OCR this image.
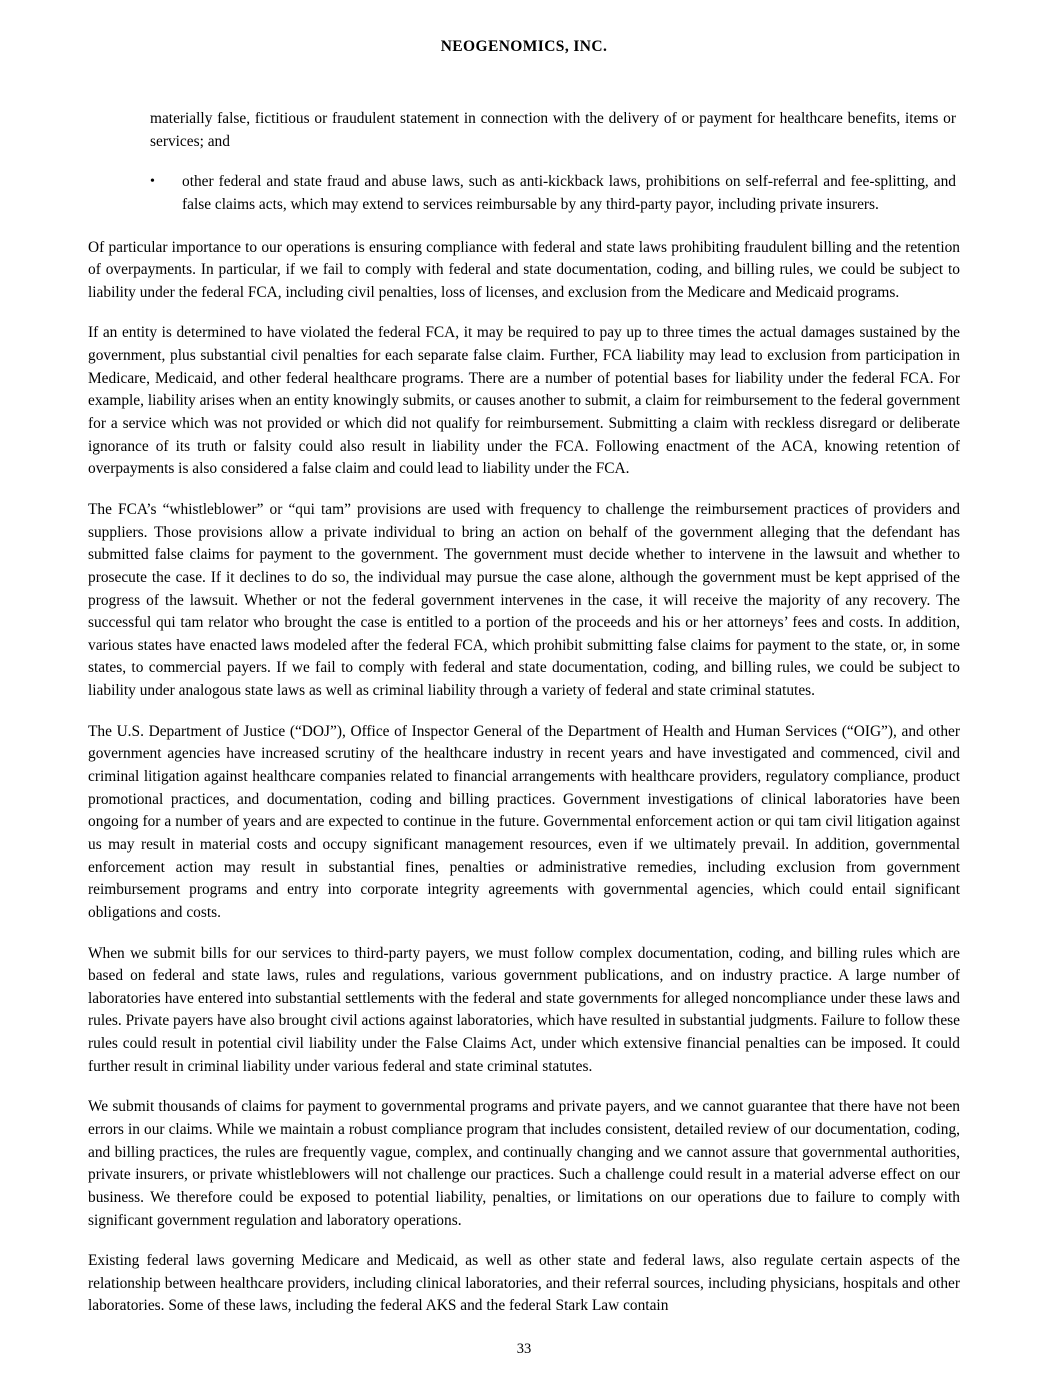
NEOGENOMICS, INC.

materially false, fictitious or fraudulent statement in connection with the delivery of or payment for healthcare benefits, items or services; and

• other federal and state fraud and abuse laws, such as anti-kickback laws, prohibitions on self-referral and fee-splitting, and false claims acts, which may extend to services reimbursable by any third-party payor, including private insurers.

Of particular importance to our operations is ensuring compliance with federal and state laws prohibiting fraudulent billing and the retention of overpayments. In particular, if we fail to comply with federal and state documentation, coding, and billing rules, we could be subject to liability under the federal FCA, including civil penalties, loss of licenses, and exclusion from the Medicare and Medicaid programs.

If an entity is determined to have violated the federal FCA, it may be required to pay up to three times the actual damages sustained by the government, plus substantial civil penalties for each separate false claim. Further, FCA liability may lead to exclusion from participation in Medicare, Medicaid, and other federal healthcare programs. There are a number of potential bases for liability under the federal FCA. For example, liability arises when an entity knowingly submits, or causes another to submit, a claim for reimbursement to the federal government for a service which was not provided or which did not qualify for reimbursement. Submitting a claim with reckless disregard or deliberate ignorance of its truth or falsity could also result in liability under the FCA. Following enactment of the ACA, knowing retention of overpayments is also considered a false claim and could lead to liability under the FCA.

The FCA’s “whistleblower” or “qui tam” provisions are used with frequency to challenge the reimbursement practices of providers and suppliers. Those provisions allow a private individual to bring an action on behalf of the government alleging that the defendant has submitted false claims for payment to the government. The government must decide whether to intervene in the lawsuit and whether to prosecute the case. If it declines to do so, the individual may pursue the case alone, although the government must be kept apprised of the progress of the lawsuit. Whether or not the federal government intervenes in the case, it will receive the majority of any recovery. The successful qui tam relator who brought the case is entitled to a portion of the proceeds and his or her attorneys’ fees and costs. In addition, various states have enacted laws modeled after the federal FCA, which prohibit submitting false claims for payment to the state, or, in some states, to commercial payers. If we fail to comply with federal and state documentation, coding, and billing rules, we could be subject to liability under analogous state laws as well as criminal liability through a variety of federal and state criminal statutes.

The U.S. Department of Justice (“DOJ”), Office of Inspector General of the Department of Health and Human Services (“OIG”), and other government agencies have increased scrutiny of the healthcare industry in recent years and have investigated and commenced, civil and criminal litigation against healthcare companies related to financial arrangements with healthcare providers, regulatory compliance, product promotional practices, and documentation, coding and billing practices. Government investigations of clinical laboratories have been ongoing for a number of years and are expected to continue in the future. Governmental enforcement action or qui tam civil litigation against us may result in material costs and occupy significant management resources, even if we ultimately prevail. In addition, governmental enforcement action may result in substantial fines, penalties or administrative remedies, including exclusion from government reimbursement programs and entry into corporate integrity agreements with governmental agencies, which could entail significant obligations and costs.

When we submit bills for our services to third-party payers, we must follow complex documentation, coding, and billing rules which are based on federal and state laws, rules and regulations, various government publications, and on industry practice. A large number of laboratories have entered into substantial settlements with the federal and state governments for alleged noncompliance under these laws and rules. Private payers have also brought civil actions against laboratories, which have resulted in substantial judgments. Failure to follow these rules could result in potential civil liability under the False Claims Act, under which extensive financial penalties can be imposed. It could further result in criminal liability under various federal and state criminal statutes.

We submit thousands of claims for payment to governmental programs and private payers, and we cannot guarantee that there have not been errors in our claims. While we maintain a robust compliance program that includes consistent, detailed review of our documentation, coding, and billing practices, the rules are frequently vague, complex, and continually changing and we cannot assure that governmental authorities, private insurers, or private whistleblowers will not challenge our practices. Such a challenge could result in a material adverse effect on our business. We therefore could be exposed to potential liability, penalties, or limitations on our operations due to failure to comply with significant government regulation and laboratory operations.

Existing federal laws governing Medicare and Medicaid, as well as other state and federal laws, also regulate certain aspects of the relationship between healthcare providers, including clinical laboratories, and their referral sources, including physicians, hospitals and other laboratories. Some of these laws, including the federal AKS and the federal Stark Law contain

33
